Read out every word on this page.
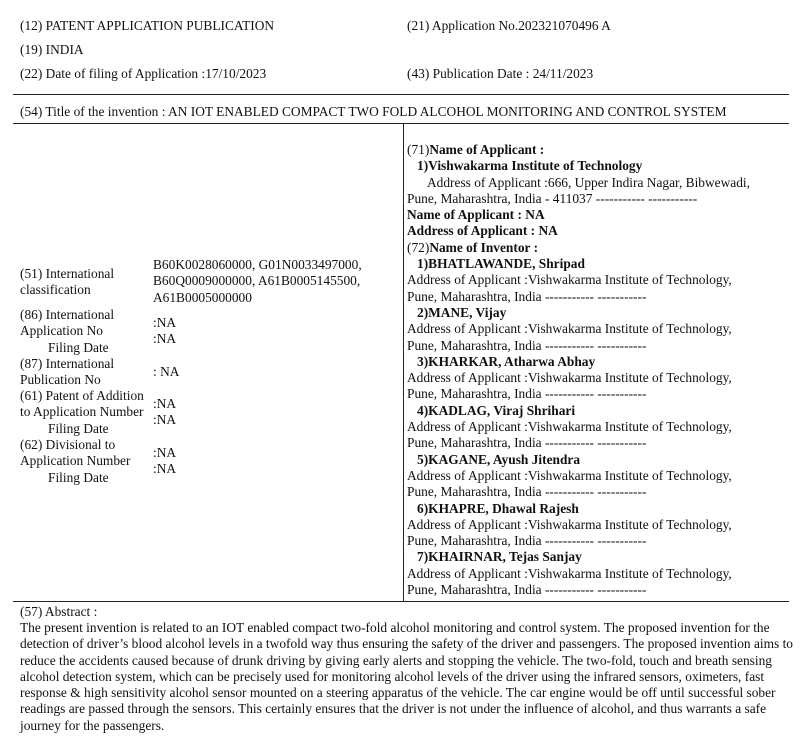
(12) PATENT APPLICATION PUBLICATION
(19) INDIA
(22) Date of filing of Application :17/10/2023
(21) Application No.202321070496 A
(43) Publication Date : 24/11/2023
(54) Title of the invention : AN IOT ENABLED COMPACT TWO FOLD ALCOHOL MONITORING AND CONTROL SYSTEM
(51) International
classification
B60K0028060000, G01N0033497000,
B60Q0009000000, A61B0005145500,
A61B0005000000
(86) International
Application No
Filing Date
:NA
:NA
(87) International
Publication No
: NA
(61) Patent of Addition
to Application Number
Filing Date
:NA
:NA
(62) Divisional to
Application Number
Filing Date
:NA
:NA
(71)Name of Applicant :
1)Vishwakarma Institute of Technology
Address of Applicant :666, Upper Indira Nagar, Bibwewadi,
Pune, Maharashtra, India - 411037 ----------- -----------
Name of Applicant : NA
Address of Applicant : NA
(72)Name of Inventor :
1)BHATLAWANDE, Shripad
Address of Applicant :Vishwakarma Institute of Technology,
Pune, Maharashtra, India ----------- -----------
2)MANE, Vijay
Address of Applicant :Vishwakarma Institute of Technology,
Pune, Maharashtra, India ----------- -----------
3)KHARKAR, Atharwa Abhay
Address of Applicant :Vishwakarma Institute of Technology,
Pune, Maharashtra, India ----------- -----------
4)KADLAG, Viraj Shrihari
Address of Applicant :Vishwakarma Institute of Technology,
Pune, Maharashtra, India ----------- -----------
5)KAGANE, Ayush Jitendra
Address of Applicant :Vishwakarma Institute of Technology,
Pune, Maharashtra, India ----------- -----------
6)KHAPRE, Dhawal Rajesh
Address of Applicant :Vishwakarma Institute of Technology,
Pune, Maharashtra, India ----------- -----------
7)KHAIRNAR, Tejas Sanjay
Address of Applicant :Vishwakarma Institute of Technology,
Pune, Maharashtra, India ----------- -----------
(57) Abstract :
The present invention is related to an IOT enabled compact two-fold alcohol monitoring and control system. The proposed invention for the detection of driver’s blood alcohol levels in a twofold way thus ensuring the safety of the driver and passengers. The proposed invention aims to reduce the accidents caused because of drunk driving by giving early alerts and stopping the vehicle. The two-fold, touch and breath sensing alcohol detection system, which can be precisely used for monitoring alcohol levels of the driver using the infrared sensors, oximeters, fast response & high sensitivity alcohol sensor mounted on a steering apparatus of the vehicle. The car engine would be off until successful sober readings are passed through the sensors. This certainly ensures that the driver is not under the influence of alcohol, and thus warrants a safe journey for the passengers.
